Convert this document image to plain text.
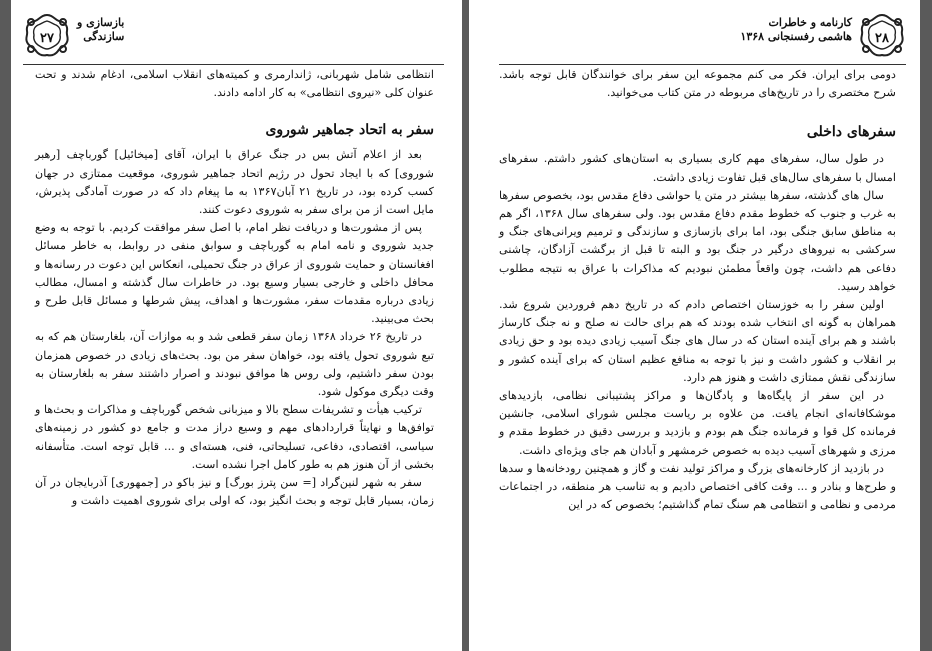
۲۷
بازسازی و
سازندگی

انتظامی شامل شهربانی، ژاندارمری و کمیته‌های انقلاب اسلامی، ادغام شدند و تحت عنوان کلی «نیروی انتظامی» به کار ادامه دادند.

سفر به اتحاد جماهیر شوروی

بعد از اعلام آتش بس در جنگ عراق با ایران، آقای [میخائیل] گورباچف [رهبر شوروی] که با ایجاد تحول در رژیم اتحاد جماهیر شوروی، موقعیت ممتازی در جهان کسب کرده بود، در تاریخ ۲۱ آبان۱۳۶۷ به ما پیغام داد که در صورت آمادگی پذیرش، مایل است از من برای سفر به شوروی دعوت کنند.

پس از مشورت‌ها و دریافت نظر امام، با اصل سفر موافقت کردیم. با توجه به وضع جدید شوروی و نامه امام به گورباچف و سوابق منفی در روابط، به خاطر مسائل افغانستان و حمایت شوروی از عراق در جنگ تحمیلی، انعکاس این دعوت در رسانه‌ها و محافل داخلی و خارجی بسیار وسیع بود. در خاطرات سال گذشته و امسال، مطالب زیادی درباره مقدمات سفر، مشورت‌ها و اهداف، پیش شرطها و مسائل قابل طرح و بحث می‌بینید.

در تاریخ ۲۶ خرداد ۱۳۶۸ زمان سفر قطعی شد و به موازات آن، بلغارستان هم که به تبع شوروی تحول یافته بود، خواهان سفر من بود. بحث‌های زیادی در خصوص همزمان بودن سفر داشتیم، ولی روس ها موافق نبودند و اصرار داشتند سفر به بلغارستان به وقت دیگری موکول شود.

ترکیب هیأت و تشریفات سطح بالا و میزبانی شخص گورباچف و مذاکرات و بحث‌ها و توافق‌ها و نهایتاً قراردادهای مهم و وسیع دراز مدت و جامع دو کشور در زمینه‌های سیاسی، اقتصادی، دفاعی، تسلیحاتی، فنی، هسته‌ای و ... قابل توجه است. متأسفانه بخشی از آن هنوز هم به طور کامل اجرا نشده است.

سفر به شهر لنین‌گراد [= سن پترز بورگ] و نیز باکو در [جمهوری] آذربایجان در آن زمان، بسیار قابل توجه و بحث انگیز بود، که اولی برای شوروی اهمیت داشت و

۲۸
کارنامه و خاطرات
هاشمی رفسنجانی ۱۳۶۸

دومی برای ایران. فکر می کنم مجموعه این سفر برای خوانندگان قابل توجه باشد. شرح مختصری را در تاریخ‌های مربوطه در متن کتاب می‌خوانید.

سفرهای داخلی

در طول سال، سفرهای مهم کاری بسیاری به استان‌های کشور داشتم. سفرهای امسال با سفرهای سال‌های قبل تفاوت زیادی داشت.

سال های گذشته، سفرها بیشتر در متن یا حواشی دفاع مقدس بود، بخصوص سفرها به غرب و جنوب که خطوط مقدم دفاع مقدس بود. ولی سفرهای سال ۱۳۶۸، اگر هم به مناطق سابق جنگی بود، اما برای بازسازی و سازندگی و ترمیم ویرانی‌های جنگ و سرکشی به نیروهای درگیر در جنگ بود و البته تا قبل از برگشت آزادگان، چاشنی دفاعی هم داشت، چون واقعاً مطمئن نبودیم که مذاکرات با عراق به نتیجه مطلوب خواهد رسید.

اولین سفر را به خوزستان اختصاص دادم که در تاریخ دهم فروردین شروع شد. همراهان به گونه ای انتخاب شده بودند که هم برای حالت نه صلح و نه جنگ کارساز باشند و هم برای آینده استان که در سال های جنگ آسیب زیادی دیده بود و حق زیادی بر انقلاب و کشور داشت و نیز با توجه به منافع عظیم استان که برای آینده کشور و سازندگی نقش ممتازی داشت و هنوز هم دارد.

در این سفر از پایگاه‌ها و پادگان‌ها و مراکز پشتیبانی نظامی، بازدیدهای موشکافانه‌ای انجام یافت. من علاوه بر ریاست مجلس شورای اسلامی، جانشین فرمانده کل قوا و فرمانده جنگ هم بودم و بازدید و بررسی دقیق در خطوط مقدم و مرزی و شهرهای آسیب دیده به خصوص خرمشهر و آبادان هم جای ویژه‌ای داشت.

در بازدید از کارخانه‌های بزرگ و مراکز تولید نفت و گاز و همچنین رودخانه‌ها و سدها و طرح‌ها و بنادر و ... وقت کافی اختصاص دادیم و به تناسب هر منطقه، در اجتماعات مردمی و نظامی و انتظامی هم سنگ تمام گذاشتیم؛ بخصوص که در این
